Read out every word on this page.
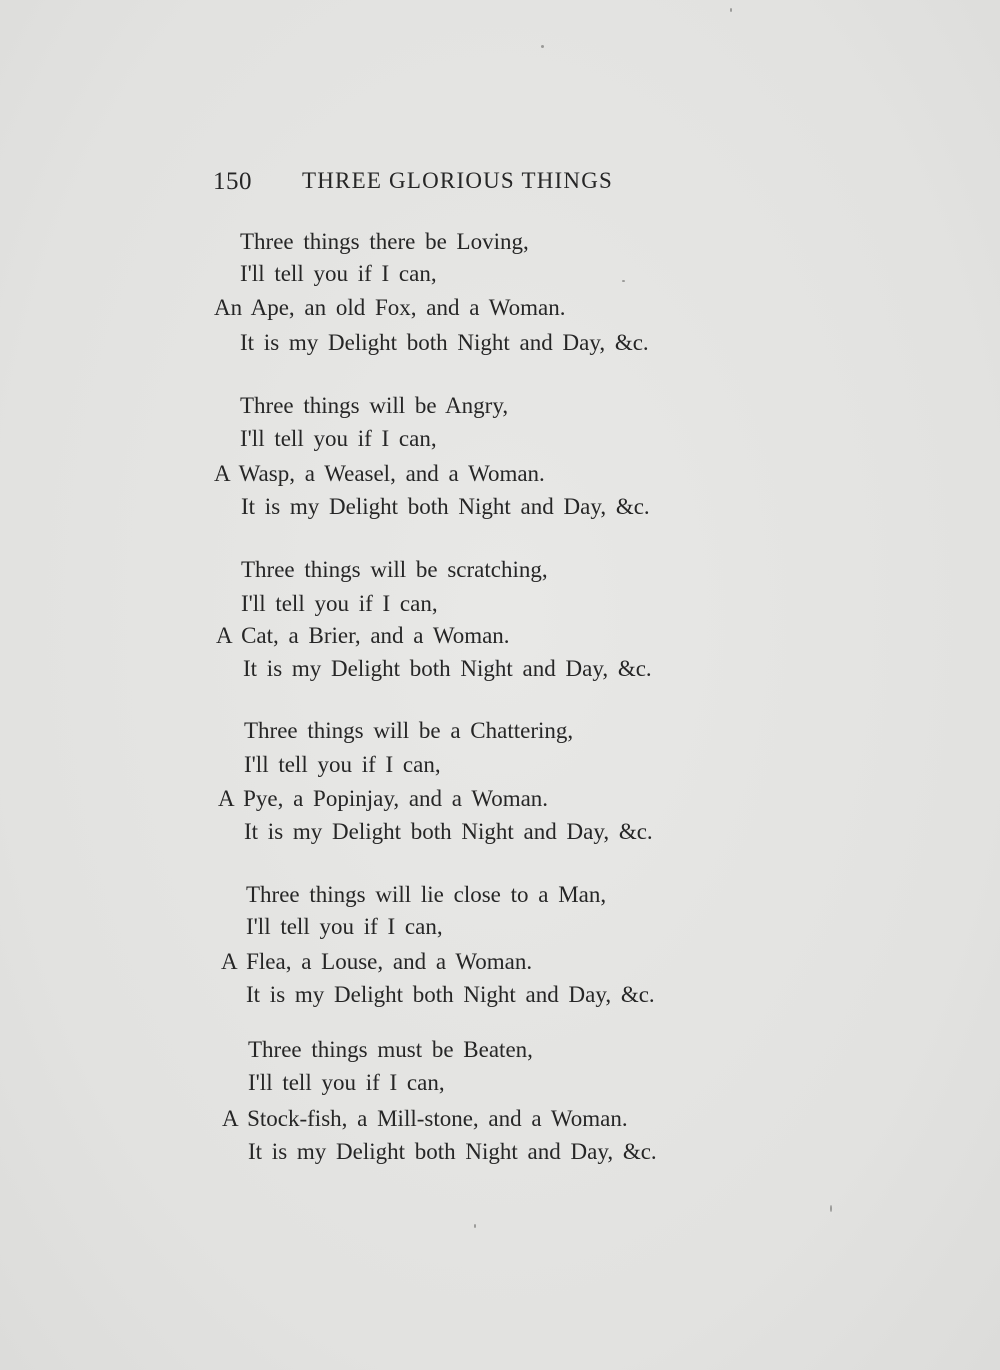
150 THREE GLORIOUS THINGS
Three things there be Loving,
I'll tell you if I can,
An Ape, an old Fox, and a Woman.
It is my Delight both Night and Day, &c.
Three things will be Angry,
I'll tell you if I can,
A Wasp, a Weasel, and a Woman.
It is my Delight both Night and Day, &c.
Three things will be scratching,
I'll tell you if I can,
A Cat, a Brier, and a Woman.
It is my Delight both Night and Day, &c.
Three things will be a Chattering,
I'll tell you if I can,
A Pye, a Popinjay, and a Woman.
It is my Delight both Night and Day, &c.
Three things will lie close to a Man,
I'll tell you if I can,
A Flea, a Louse, and a Woman.
It is my Delight both Night and Day, &c.
Three things must be Beaten,
I'll tell you if I can,
A Stock-fish, a Mill-stone, and a Woman.
It is my Delight both Night and Day, &c.
